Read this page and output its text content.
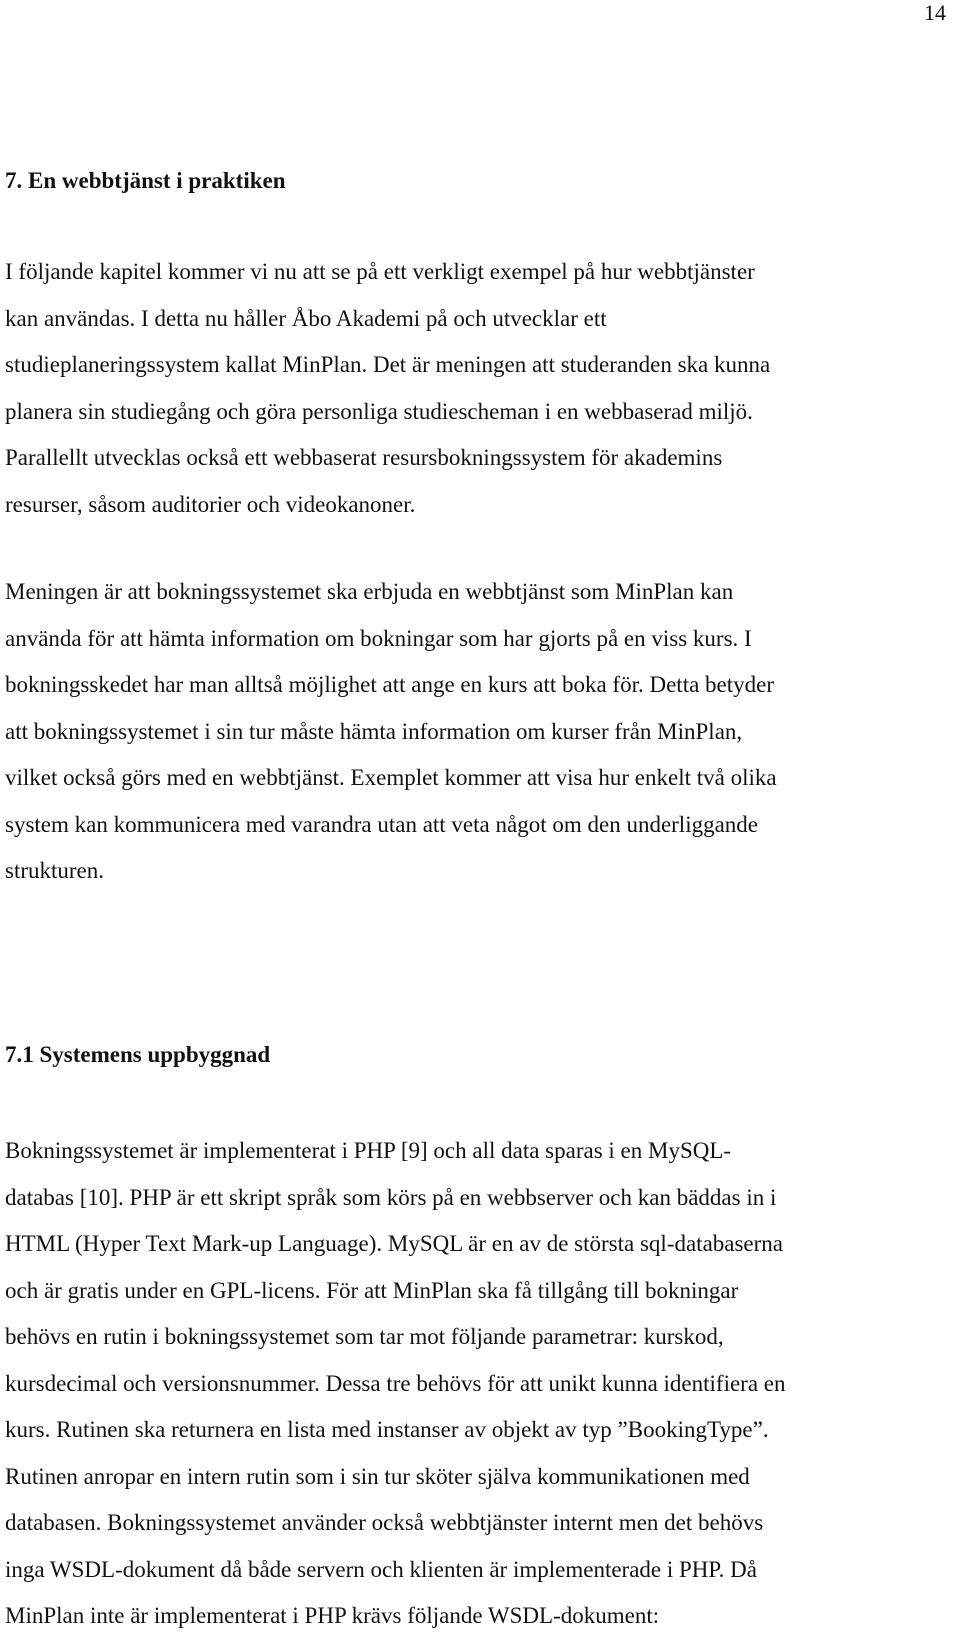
14
7. En webbtjänst i praktiken

I följande kapitel kommer vi nu att se på ett verkligt exempel på hur webbtjänster
kan användas. I detta nu håller Åbo Akademi på och utvecklar ett
studieplaneringssystem kallat MinPlan. Det är meningen att studeranden ska kunna
planera sin studiegång och göra personliga studiescheman i en webbaserad miljö.
Parallellt utvecklas också ett webbaserat resursbokningssystem för akademins
resurser, såsom auditorier och videokanoner.

Meningen är att bokningssystemet ska erbjuda en webbtjänst som MinPlan kan
använda för att hämta information om bokningar som har gjorts på en viss kurs. I
bokningsskedet har man alltså möjlighet att ange en kurs att boka för. Detta betyder
att bokningssystemet i sin tur måste hämta information om kurser från MinPlan,
vilket också görs med en webbtjänst. Exemplet kommer att visa hur enkelt två olika
system kan kommunicera med varandra utan att veta något om den underliggande
strukturen.

7.1 Systemens uppbyggnad

Bokningssystemet är implementerat i PHP [9] och all data sparas i en MySQL-
databas [10]. PHP är ett skript språk som körs på en webbserver och kan bäddas in i
HTML (Hyper Text Mark-up Language). MySQL är en av de största sql-databaserna
och är gratis under en GPL-licens. För att MinPlan ska få tillgång till bokningar
behövs en rutin i bokningssystemet som tar mot följande parametrar: kurskod,
kursdecimal och versionsnummer. Dessa tre behövs för att unikt kunna identifiera en
kurs. Rutinen ska returnera en lista med instanser av objekt av typ ”BookingType”.
Rutinen anropar en intern rutin som i sin tur sköter själva kommunikationen med
databasen. Bokningssystemet använder också webbtjänster internt men det behövs
inga WSDL-dokument då både servern och klienten är implementerade i PHP. Då
MinPlan inte är implementerat i PHP krävs följande WSDL-dokument:
